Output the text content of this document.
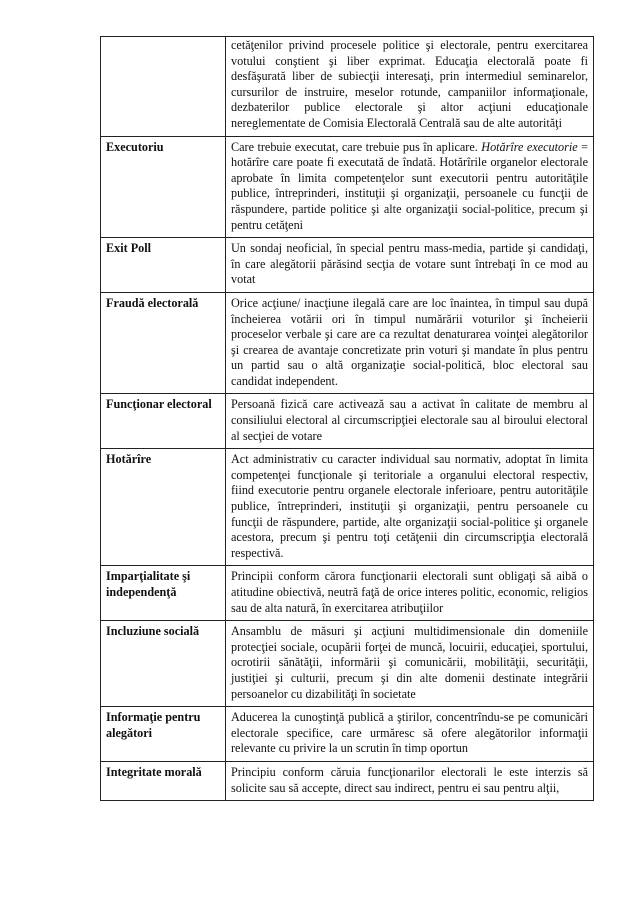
	cetăţenilor privind procesele politice şi electorale, pentru exercitarea votului conştient şi liber exprimat. Educaţia electorală poate fi desfăşurată liber de subiecţii interesaţi, prin intermediul seminarelor, cursurilor de instruire, meselor rotunde, campaniilor informaţionale, dezbaterilor publice electorale şi altor acţiuni educaţionale nereglementate de Comisia Electorală Centrală sau de alte autorităţi
Executoriu	Care trebuie executat, care trebuie pus în aplicare. Hotărîre executorie = hotărîre care poate fi executată de îndată. Hotărîrile organelor electorale aprobate în limita competenţelor sunt executorii pentru autorităţile publice, întreprinderi, instituţii şi organizaţii, persoanele cu funcţii de răspundere, partide politice şi alte organizaţii social-politice, precum şi pentru cetăţeni
Exit Poll	Un sondaj neoficial, în special pentru mass-media, partide şi candidaţi, în care alegătorii părăsind secţia de votare sunt întrebaţi în ce mod au votat
Fraudă electorală	Orice acţiune/ inacţiune ilegală care are loc înaintea, în timpul sau după încheierea votării ori în timpul numărării voturilor şi încheierii proceselor verbale şi care are ca rezultat denaturarea voinţei alegătorilor şi crearea de avantaje concretizate prin voturi şi mandate în plus pentru un partid sau o altă organizaţie social-politică, bloc electoral sau candidat independent.
Funcţionar electoral	Persoană fizică care activează sau a activat în calitate de membru al consiliului electoral al circumscripţiei electorale sau al biroului electoral al secţiei de votare
Hotărîre	Act administrativ cu caracter individual sau normativ, adoptat în limita competenţei funcţionale şi teritoriale a organului electoral respectiv, fiind executorie pentru organele electorale inferioare, pentru autorităţile publice, întreprinderi, instituţii şi organizaţii, pentru persoanele cu funcţii de răspundere, partide, alte organizaţii social-politice şi organele acestora, precum şi pentru toţi cetăţenii din circumscripţia electorală respectivă.
Imparţialitate şi independenţă	Principii conform cărora funcţionarii electorali sunt obligaţi să aibă o atitudine obiectivă, neutră faţă de orice interes politic, economic, religios sau de alta natură, în exercitarea atribuţiilor
Incluziune socială	Ansamblu de măsuri şi acţiuni multidimensionale din domeniile protecţiei sociale, ocupării forţei de muncă, locuirii, educaţiei, sportului, ocrotirii sănătăţii, informării şi comunicării, mobilităţii, securităţii, justiţiei şi culturii, precum şi din alte domenii destinate integrării persoanelor cu dizabilităţi în societate
Informaţie pentru alegători	Aducerea la cunoştinţă publică a ştirilor, concentrîndu-se pe comunicări electorale specifice, care urmăresc să ofere alegătorilor informaţii relevante cu privire la un scrutin în timp oportun
Integritate morală	Principiu conform căruia funcţionarilor electorali le este interzis să solicite sau să accepte, direct sau indirect, pentru ei sau pentru alţii,
